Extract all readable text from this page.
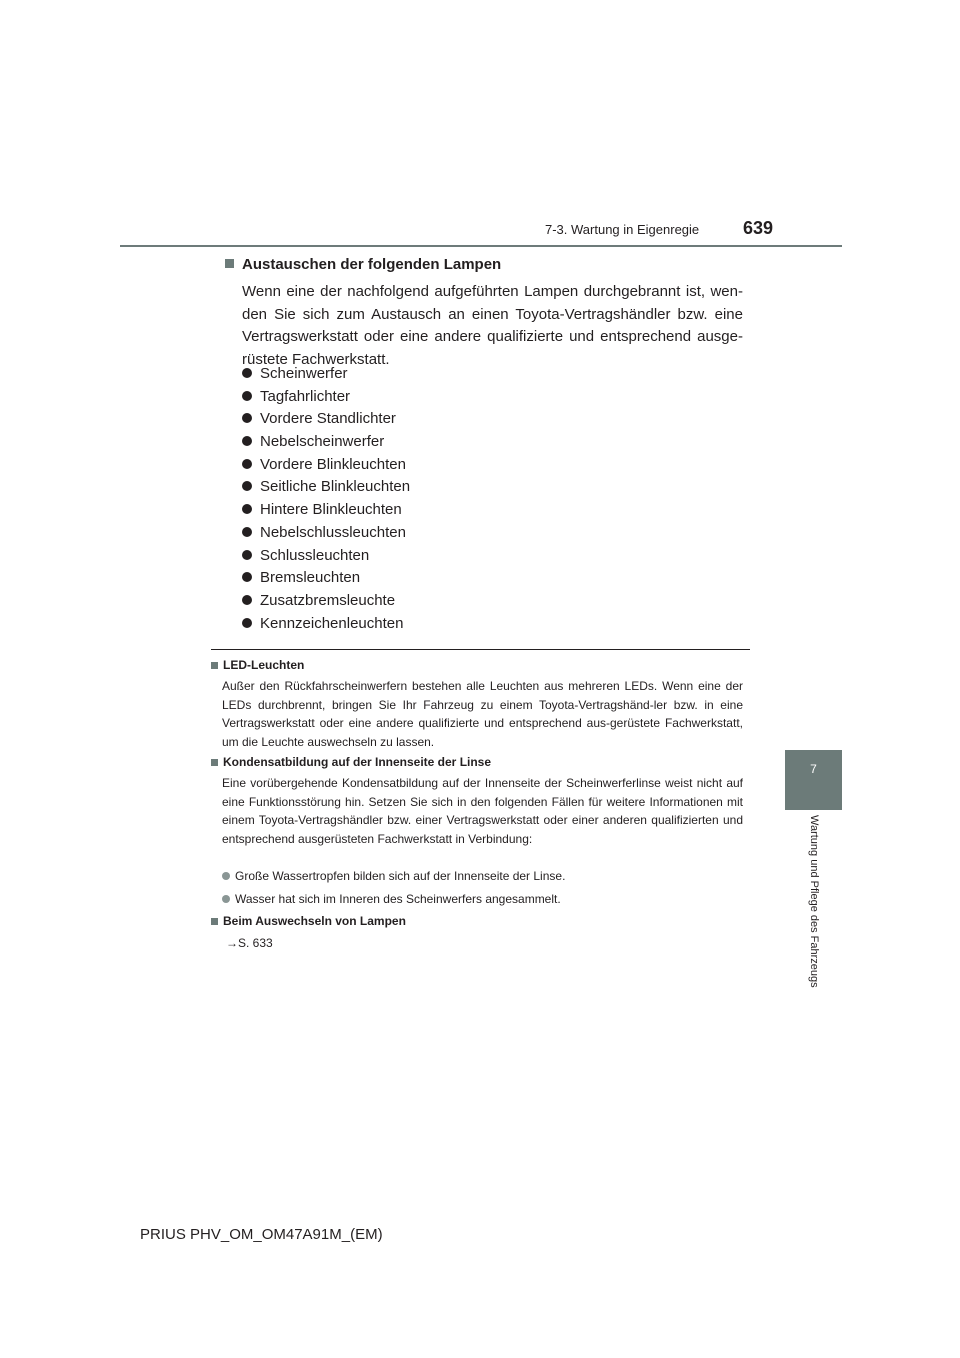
7-3. Wartung in Eigenregie 639
7
Wartung und Pflege des Fahrzeugs
Austauschen der folgenden Lampen
Wenn eine der nachfolgend aufgeführten Lampen durchgebrannt ist, wen-den Sie sich zum Austausch an einen Toyota-Vertragshändler bzw. eine Vertragswerkstatt oder eine andere qualifizierte und entsprechend ausge-rüstete Fachwerkstatt.
Scheinwerfer
Tagfahrlichter
Vordere Standlichter
Nebelscheinwerfer
Vordere Blinkleuchten
Seitliche Blinkleuchten
Hintere Blinkleuchten
Nebelschlussleuchten
Schlussleuchten
Bremsleuchten
Zusatzbremsleuchte
Kennzeichenleuchten
LED-Leuchten
Außer den Rückfahrscheinwerfern bestehen alle Leuchten aus mehreren LEDs. Wenn eine der LEDs durchbrennt, bringen Sie Ihr Fahrzeug zu einem Toyota-Vertragshänd-ler bzw. in eine Vertragswerkstatt oder eine andere qualifizierte und entsprechend aus-gerüstete Fachwerkstatt, um die Leuchte auswechseln zu lassen.
Kondensatbildung auf der Innenseite der Linse
Eine vorübergehende Kondensatbildung auf der Innenseite der Scheinwerferlinse weist nicht auf eine Funktionsstörung hin. Setzen Sie sich in den folgenden Fällen für weitere Informationen mit einem Toyota-Vertragshändler bzw. einer Vertragswerkstatt oder einer anderen qualifizierten und entsprechend ausgerüsteten Fachwerkstatt in Verbindung:
Große Wassertropfen bilden sich auf der Innenseite der Linse.
Wasser hat sich im Inneren des Scheinwerfers angesammelt.
Beim Auswechseln von Lampen
→S. 633
PRIUS PHV_OM_OM47A91M_(EM)
